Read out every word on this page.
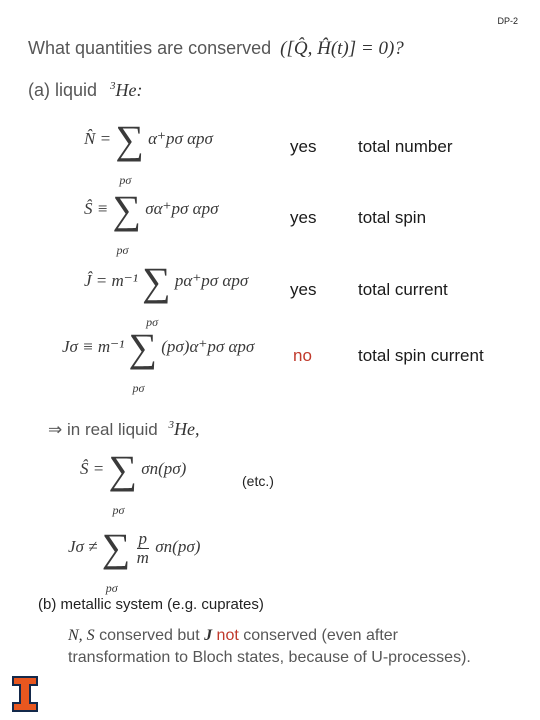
DP-2
What quantities are conserved ([Q̂, Ĥ(t)] = 0)?
(a) liquid $^3$He:
N̂ = ∑
pσ
α⁺pσ αpσ	yes total number
Ŝ ≡ ∑
pσ
σα⁺pσ αpσ	yes total spin
Ĵ = m⁻¹ ∑
pσ
pα⁺pσ αpσ yes total current
Jσ ≡ m⁻¹ ∑
pσ
(pσ)α⁺pσ αpσ no	total spin current
⇒ in real liquid $^3$He,
Ŝ = ∑
pσ
σn(pσ)
(etc.)
Jσ ≠ ∑
pσ

$\frac{p}{m} \sigma n(p\sigma)$
(b) metallic system (e.g. cuprates)
N, S conserved but J not conserved (even after
transformation to Bloch states, because of U-processes).
